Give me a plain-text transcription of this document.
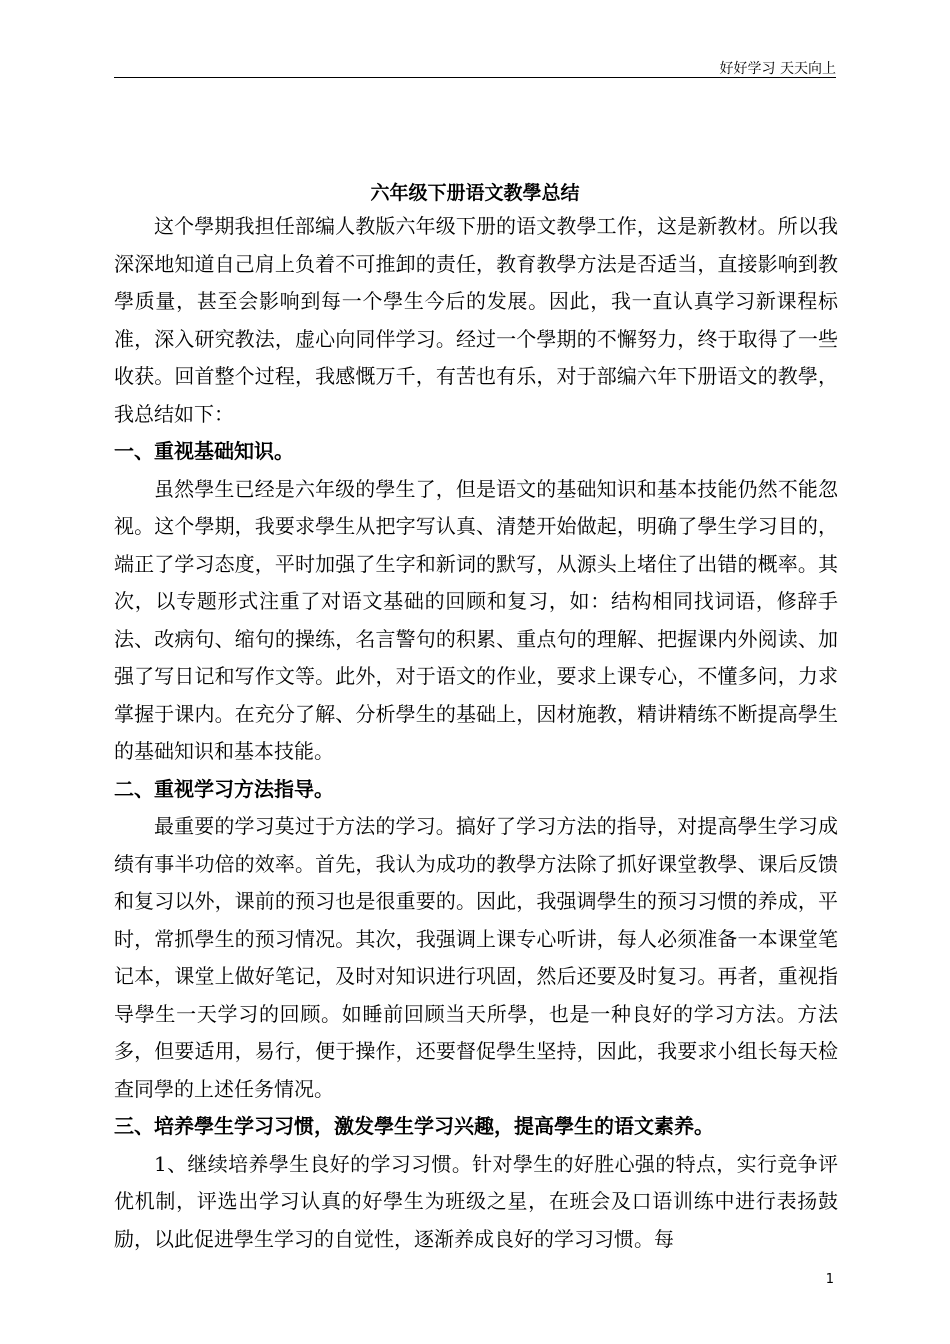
好好学习 天天向上
六年级下册语文教學总结

这个學期我担任部编人教版六年级下册的语文教學工作，这是新教材。所以我深深地知道自己肩上负着不可推卸的责任，教育教學方法是否适当，直接影响到教學质量，甚至会影响到每一个學生今后的发展。因此，我一直认真学习新课程标准，深入研究教法，虚心向同伴学习。经过一个學期的不懈努力，终于取得了一些收获。回首整个过程，我感慨万千，有苦也有乐，对于部编六年下册语文的教學，我总结如下：

一、重视基础知识。

虽然學生已经是六年级的學生了，但是语文的基础知识和基本技能仍然不能忽视。这个學期，我要求學生从把字写认真、清楚开始做起，明确了學生学习目的，端正了学习态度，平时加强了生字和新词的默写，从源头上堵住了出错的概率。其次，以专题形式注重了对语文基础的回顾和复习，如：结构相同找词语，修辞手法、改病句、缩句的操练，名言警句的积累、重点句的理解、把握课内外阅读、加强了写日记和写作文等。此外，对于语文的作业，要求上课专心，不懂多问，力求掌握于课内。在充分了解、分析學生的基础上，因材施教，精讲精练不断提高學生的基础知识和基本技能。

二、重视学习方法指导。

最重要的学习莫过于方法的学习。搞好了学习方法的指导，对提高學生学习成绩有事半功倍的效率。首先，我认为成功的教學方法除了抓好课堂教學、课后反馈和复习以外，课前的预习也是很重要的。因此，我强调學生的预习习惯的养成，平时，常抓學生的预习情况。其次，我强调上课专心听讲，每人必须准备一本课堂笔记本，课堂上做好笔记，及时对知识进行巩固，然后还要及时复习。再者，重视指导學生一天学习的回顾。如睡前回顾当天所學，也是一种良好的学习方法。方法多，但要适用，易行，便于操作，还要督促學生坚持，因此，我要求小组长每天检查同學的上述任务情况。

三、培养學生学习习惯，激发學生学习兴趣，提高學生的语文素养。

1、继续培养學生良好的学习习惯。针对學生的好胜心强的特点，实行竞争评优机制，评选出学习认真的好學生为班级之星，在班会及口语训练中进行表扬鼓励，以此促进學生学习的自觉性，逐渐养成良好的学习习惯。每

1
